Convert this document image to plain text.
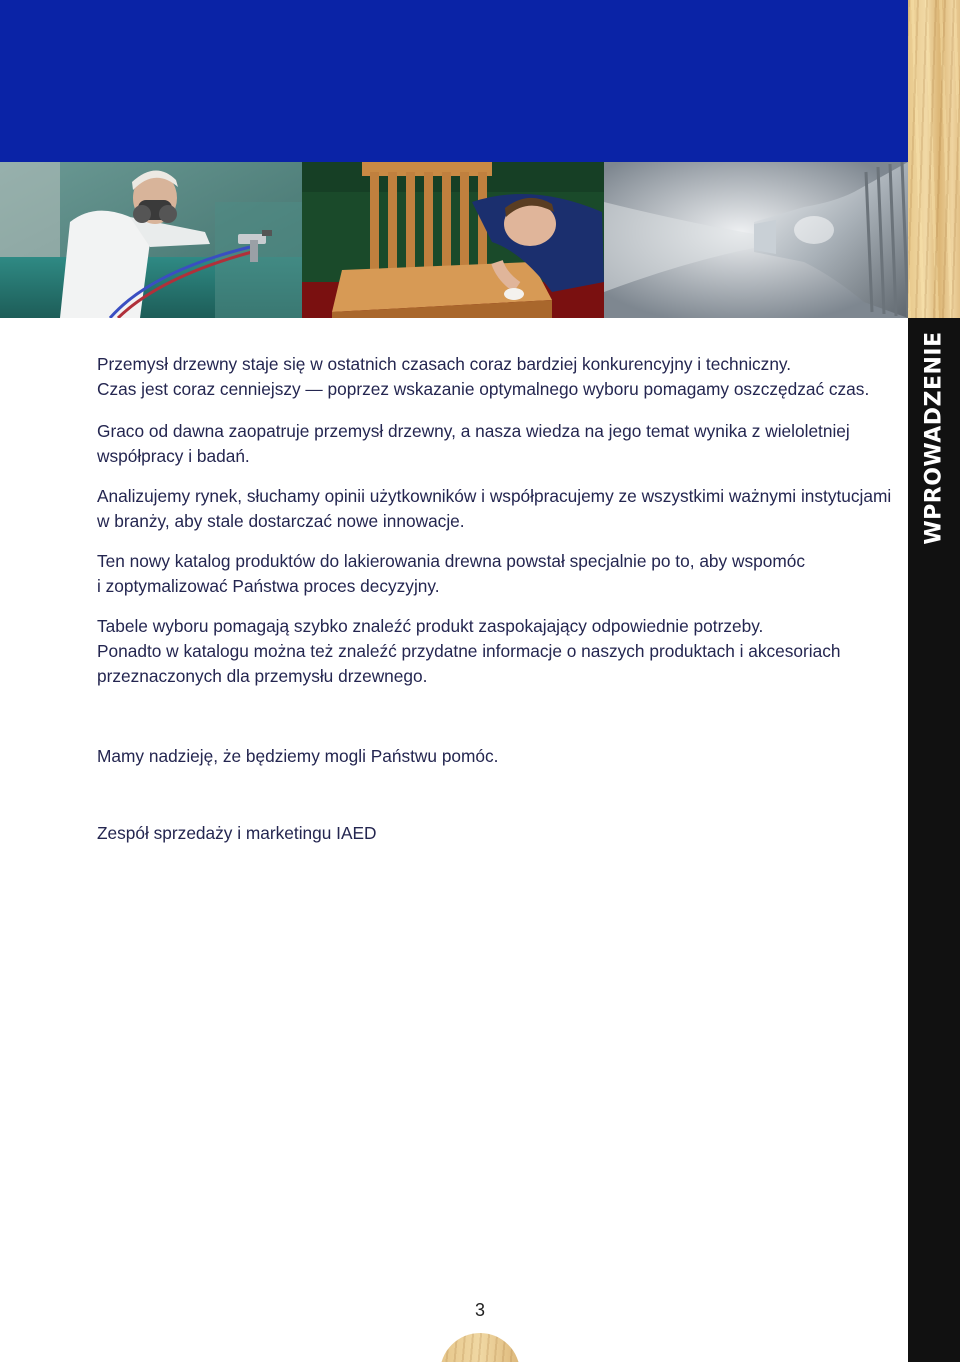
WPROWADZENIE
Przemysł drzewny staje się w ostatnich czasach coraz bardziej konkurencyjny i techniczny.
Czas jest coraz cenniejszy — poprzez wskazanie optymalnego wyboru pomagamy oszczędzać czas.
Graco od dawna zaopatruje przemysł drzewny, a nasza wiedza na jego temat wynika z wieloletniej
współpracy i badań.
Analizujemy rynek, słuchamy opinii użytkowników i współpracujemy ze wszystkimi ważnymi instytucjami
w branży, aby stale dostarczać nowe innowacje.
Ten nowy katalog produktów do lakierowania drewna powstał specjalnie po to, aby wspomóc
i zoptymalizować Państwa proces decyzyjny.
Tabele wyboru pomagają szybko znaleźć produkt zaspokajający odpowiednie potrzeby.
Ponadto w katalogu można też znaleźć przydatne informacje o naszych produktach i akcesoriach
przeznaczonych dla przemysłu drzewnego.
Mamy nadzieję, że będziemy mogli Państwu pomóc.
Zespół sprzedaży i marketingu IAED
3
